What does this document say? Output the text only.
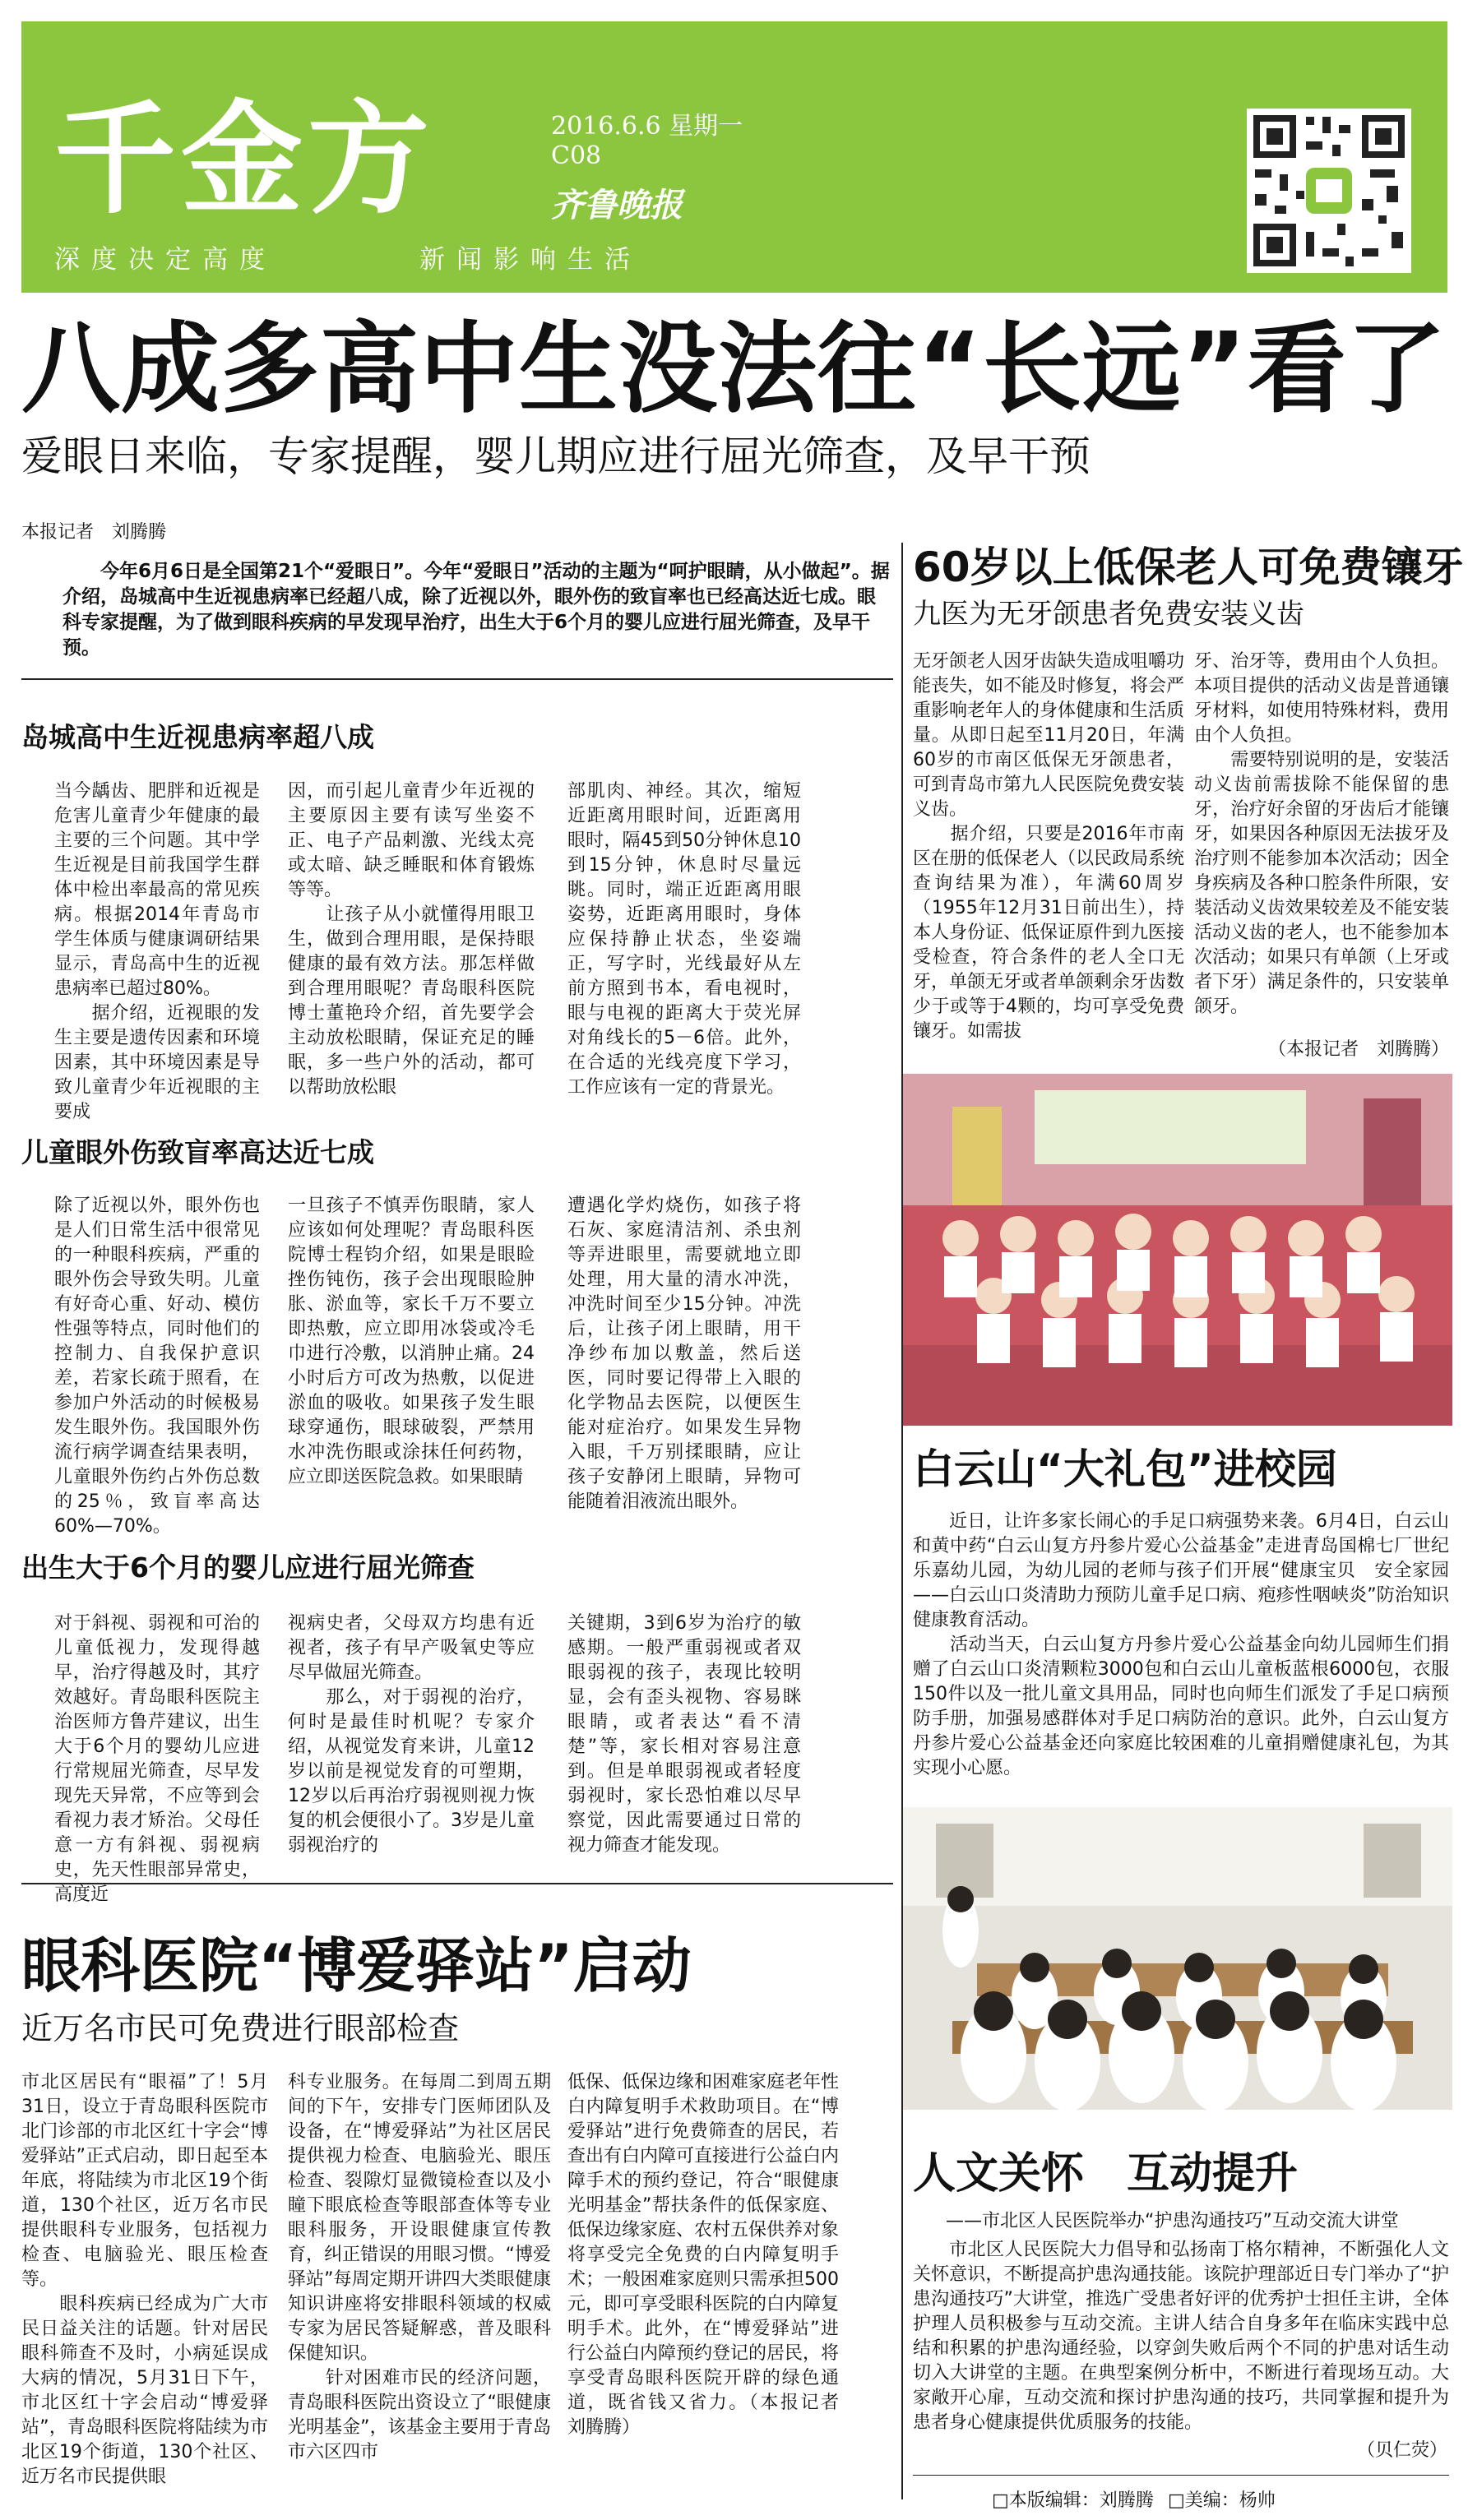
千金方	2016.6.6 星期一
C08
齐鲁晚报
深度决定高度	新闻影响生活
八成多高中生没法往“长远”看了
爱眼日来临，专家提醒，婴儿期应进行屈光筛查，及早干预
本报记者　刘腾腾
今年6月6日是全国第21个“爱眼日”。今年“爱眼日”活动的主题为“呵护眼睛，从小做起”。据介绍，岛城高中生近视患病率已经超八成，除了近视以外，眼外伤的致盲率也已经高达近七成。眼科专家提醒，为了做到眼科疾病的早发现早治疗，出生大于6个月的婴儿应进行屈光筛查，及早干预。
岛城高中生近视患病率超八成
当今龋齿、肥胖和近视是危害儿童青少年健康的最主要的三个问题。其中学生近视是目前我国学生群体中检出率最高的常见疾病。根据2014年青岛市学生体质与健康调研结果显示，青岛高中生的近视患病率已超过80%。
　　据介绍，近视眼的发生主要是遗传因素和环境因素，其中环境因素是导致儿童青少年近视眼的主要成
因，而引起儿童青少年近视的主要原因主要有读写坐姿不正、电子产品刺激、光线太亮或太暗、缺乏睡眠和体育锻炼等等。
　　让孩子从小就懂得用眼卫生，做到合理用眼，是保持眼健康的最有效方法。那怎样做到合理用眼呢？青岛眼科医院博士董艳玲介绍，首先要学会主动放松眼睛，保证充足的睡眠，多一些户外的活动，都可以帮助放松眼
部肌肉、神经。其次，缩短近距离用眼时间，近距离用眼时，隔45到50分钟休息10到15分钟，休息时尽量远眺。同时，端正近距离用眼姿势，近距离用眼时，身体应保持静止状态，坐姿端正，写字时，光线最好从左前方照到书本，看电视时，眼与电视的距离大于荧光屏对角线长的5－6倍。此外，在合适的光线亮度下学习，工作应该有一定的背景光。
儿童眼外伤致盲率高达近七成
除了近视以外，眼外伤也是人们日常生活中很常见的一种眼科疾病，严重的眼外伤会导致失明。儿童有好奇心重、好动、模仿性强等特点，同时他们的控制力、自我保护意识差，若家长疏于照看，在参加户外活动的时候极易发生眼外伤。我国眼外伤流行病学调查结果表明，儿童眼外伤约占外伤总数的25％，致盲率高达60%—70%。
一旦孩子不慎弄伤眼睛，家人应该如何处理呢？青岛眼科医院博士程钧介绍，如果是眼睑挫伤钝伤，孩子会出现眼睑肿胀、淤血等，家长千万不要立即热敷，应立即用冰袋或冷毛巾进行冷敷，以消肿止痛。24小时后方可改为热敷，以促进淤血的吸收。如果孩子发生眼球穿通伤，眼球破裂，严禁用水冲洗伤眼或涂抹任何药物，应立即送医院急救。如果眼睛
遭遇化学灼烧伤，如孩子将石灰、家庭清洁剂、杀虫剂等弄进眼里，需要就地立即处理，用大量的清水冲洗，冲洗时间至少15分钟。冲洗后，让孩子闭上眼睛，用干净纱布加以敷盖，然后送医，同时要记得带上入眼的化学物品去医院，以便医生能对症治疗。如果发生异物入眼，千万别揉眼睛，应让孩子安静闭上眼睛，异物可能随着泪液流出眼外。
出生大于6个月的婴儿应进行屈光筛查
对于斜视、弱视和可治的儿童低视力，发现得越早，治疗得越及时，其疗效越好。青岛眼科医院主治医师方鲁芹建议，出生大于6个月的婴幼儿应进行常规屈光筛查，尽早发现先天异常，不应等到会看视力表才矫治。父母任意一方有斜视、弱视病史，先天性眼部异常史，高度近
视病史者，父母双方均患有近视者，孩子有早产吸氧史等应尽早做屈光筛查。
　　那么，对于弱视的治疗，何时是最佳时机呢？专家介绍，从视觉发育来讲，儿童12岁以前是视觉发育的可塑期，12岁以后再治疗弱视则视力恢复的机会便很小了。3岁是儿童弱视治疗的
关键期，3到6岁为治疗的敏感期。一般严重弱视或者双眼弱视的孩子，表现比较明显，会有歪头视物、容易眯眼睛，或者表达“看不清楚”等，家长相对容易注意到。但是单眼弱视或者轻度弱视时，家长恐怕难以尽早察觉，因此需要通过日常的视力筛查才能发现。
眼科医院“博爱驿站”启动
近万名市民可免费进行眼部检查
市北区居民有“眼福”了！5月31日，设立于青岛眼科医院市北门诊部的市北区红十字会“博爱驿站”正式启动，即日起至本年底，将陆续为市北区19个街道，130个社区，近万名市民提供眼科专业服务，包括视力检查、电脑验光、眼压检查等。
　　眼科疾病已经成为广大市民日益关注的话题。针对居民眼科筛查不及时，小病延误成大病的情况，5月31日下午，市北区红十字会启动“博爱驿站”，青岛眼科医院将陆续为市北区19个街道，130个社区、近万名市民提供眼
科专业服务。在每周二到周五期间的下午，安排专门医师团队及设备，在“博爱驿站”为社区居民提供视力检查、电脑验光、眼压检查、裂隙灯显微镜检查以及小瞳下眼底检查等眼部查体等专业眼科服务，开设眼健康宣传教育，纠正错误的用眼习惯。“博爱驿站”每周定期开讲四大类眼健康知识讲座将安排眼科领域的权威专家为居民答疑解惑，普及眼科保健知识。
　　针对困难市民的经济问题，青岛眼科医院出资设立了“眼健康光明基金”，该基金主要用于青岛市六区四市
低保、低保边缘和困难家庭老年性白内障复明手术救助项目。在“博爱驿站”进行免费筛查的居民，若查出有白内障可直接进行公益白内障手术的预约登记，符合“眼健康光明基金”帮扶条件的低保家庭、低保边缘家庭、农村五保供养对象将享受完全免费的白内障复明手术；一般困难家庭则只需承担500元，即可享受眼科医院的白内障复明手术。此外，在“博爱驿站”进行公益白内障预约登记的居民，将享受青岛眼科医院开辟的绿色通道，既省钱又省力。（本报记者　刘腾腾）
60岁以上低保老人可免费镶牙
九医为无牙颌患者免费安装义齿
无牙颌老人因牙齿缺失造成咀嚼功能丧失，如不能及时修复，将会严重影响老年人的身体健康和生活质量。从即日起至11月20日，年满60岁的市南区低保无牙颌患者，可到青岛市第九人民医院免费安装义齿。
　　据介绍，只要是2016年市南区在册的低保老人（以民政局系统查询结果为准），年满60周岁（1955年12月31日前出生），持本人身份证、低保证原件到九医接受检查，符合条件的老人全口无牙，单颌无牙或者单颌剩余牙齿数少于或等于4颗的，均可享受免费镶牙。如需拔
牙、治牙等，费用由个人负担。本项目提供的活动义齿是普通镶牙材料，如使用特殊材料，费用由个人负担。
　　需要特别说明的是，安装活动义齿前需拔除不能保留的患牙，治疗好余留的牙齿后才能镶牙，如果因各种原因无法拔牙及治疗则不能参加本次活动；因全身疾病及各种口腔条件所限，安装活动义齿效果较差及不能安装活动义齿的老人，也不能参加本次活动；如果只有单颌（上牙或者下牙）满足条件的，只安装单颌牙。
（本报记者　刘腾腾）
白云山“大礼包”进校园
近日，让许多家长闹心的手足口病强势来袭。6月4日，白云山和黄中药“白云山复方丹参片爱心公益基金”走进青岛国棉七厂世纪乐嘉幼儿园，为幼儿园的老师与孩子们开展“健康宝贝　安全家园——白云山口炎清助力预防儿童手足口病、疱疹性咽峡炎”防治知识健康教育活动。
　　活动当天，白云山复方丹参片爱心公益基金向幼儿园师生们捐赠了白云山口炎清颗粒3000包和白云山儿童板蓝根6000包，衣服150件以及一批儿童文具用品，同时也向师生们派发了手足口病预防手册，加强易感群体对手足口病防治的意识。此外，白云山复方丹参片爱心公益基金还向家庭比较困难的儿童捐赠健康礼包，为其实现小心愿。
人文关怀　互动提升
——市北区人民医院举办“护患沟通技巧”互动交流大讲堂
市北区人民医院大力倡导和弘扬南丁格尔精神，不断强化人文关怀意识，不断提高护患沟通技能。该院护理部近日专门举办了“护患沟通技巧”大讲堂，推选广受患者好评的优秀护士担任主讲，全体护理人员积极参与互动交流。主讲人结合自身多年在临床实践中总结和积累的护患沟通经验，以穿剑失败后两个不同的护患对话生动切入大讲堂的主题。在典型案例分析中，不断进行着现场互动。大家敞开心扉，互动交流和探讨护患沟通的技巧，共同掌握和提升为患者身心健康提供优质服务的技能。
（贝仁荧）
□本版编辑：刘腾腾 □美编：杨帅
